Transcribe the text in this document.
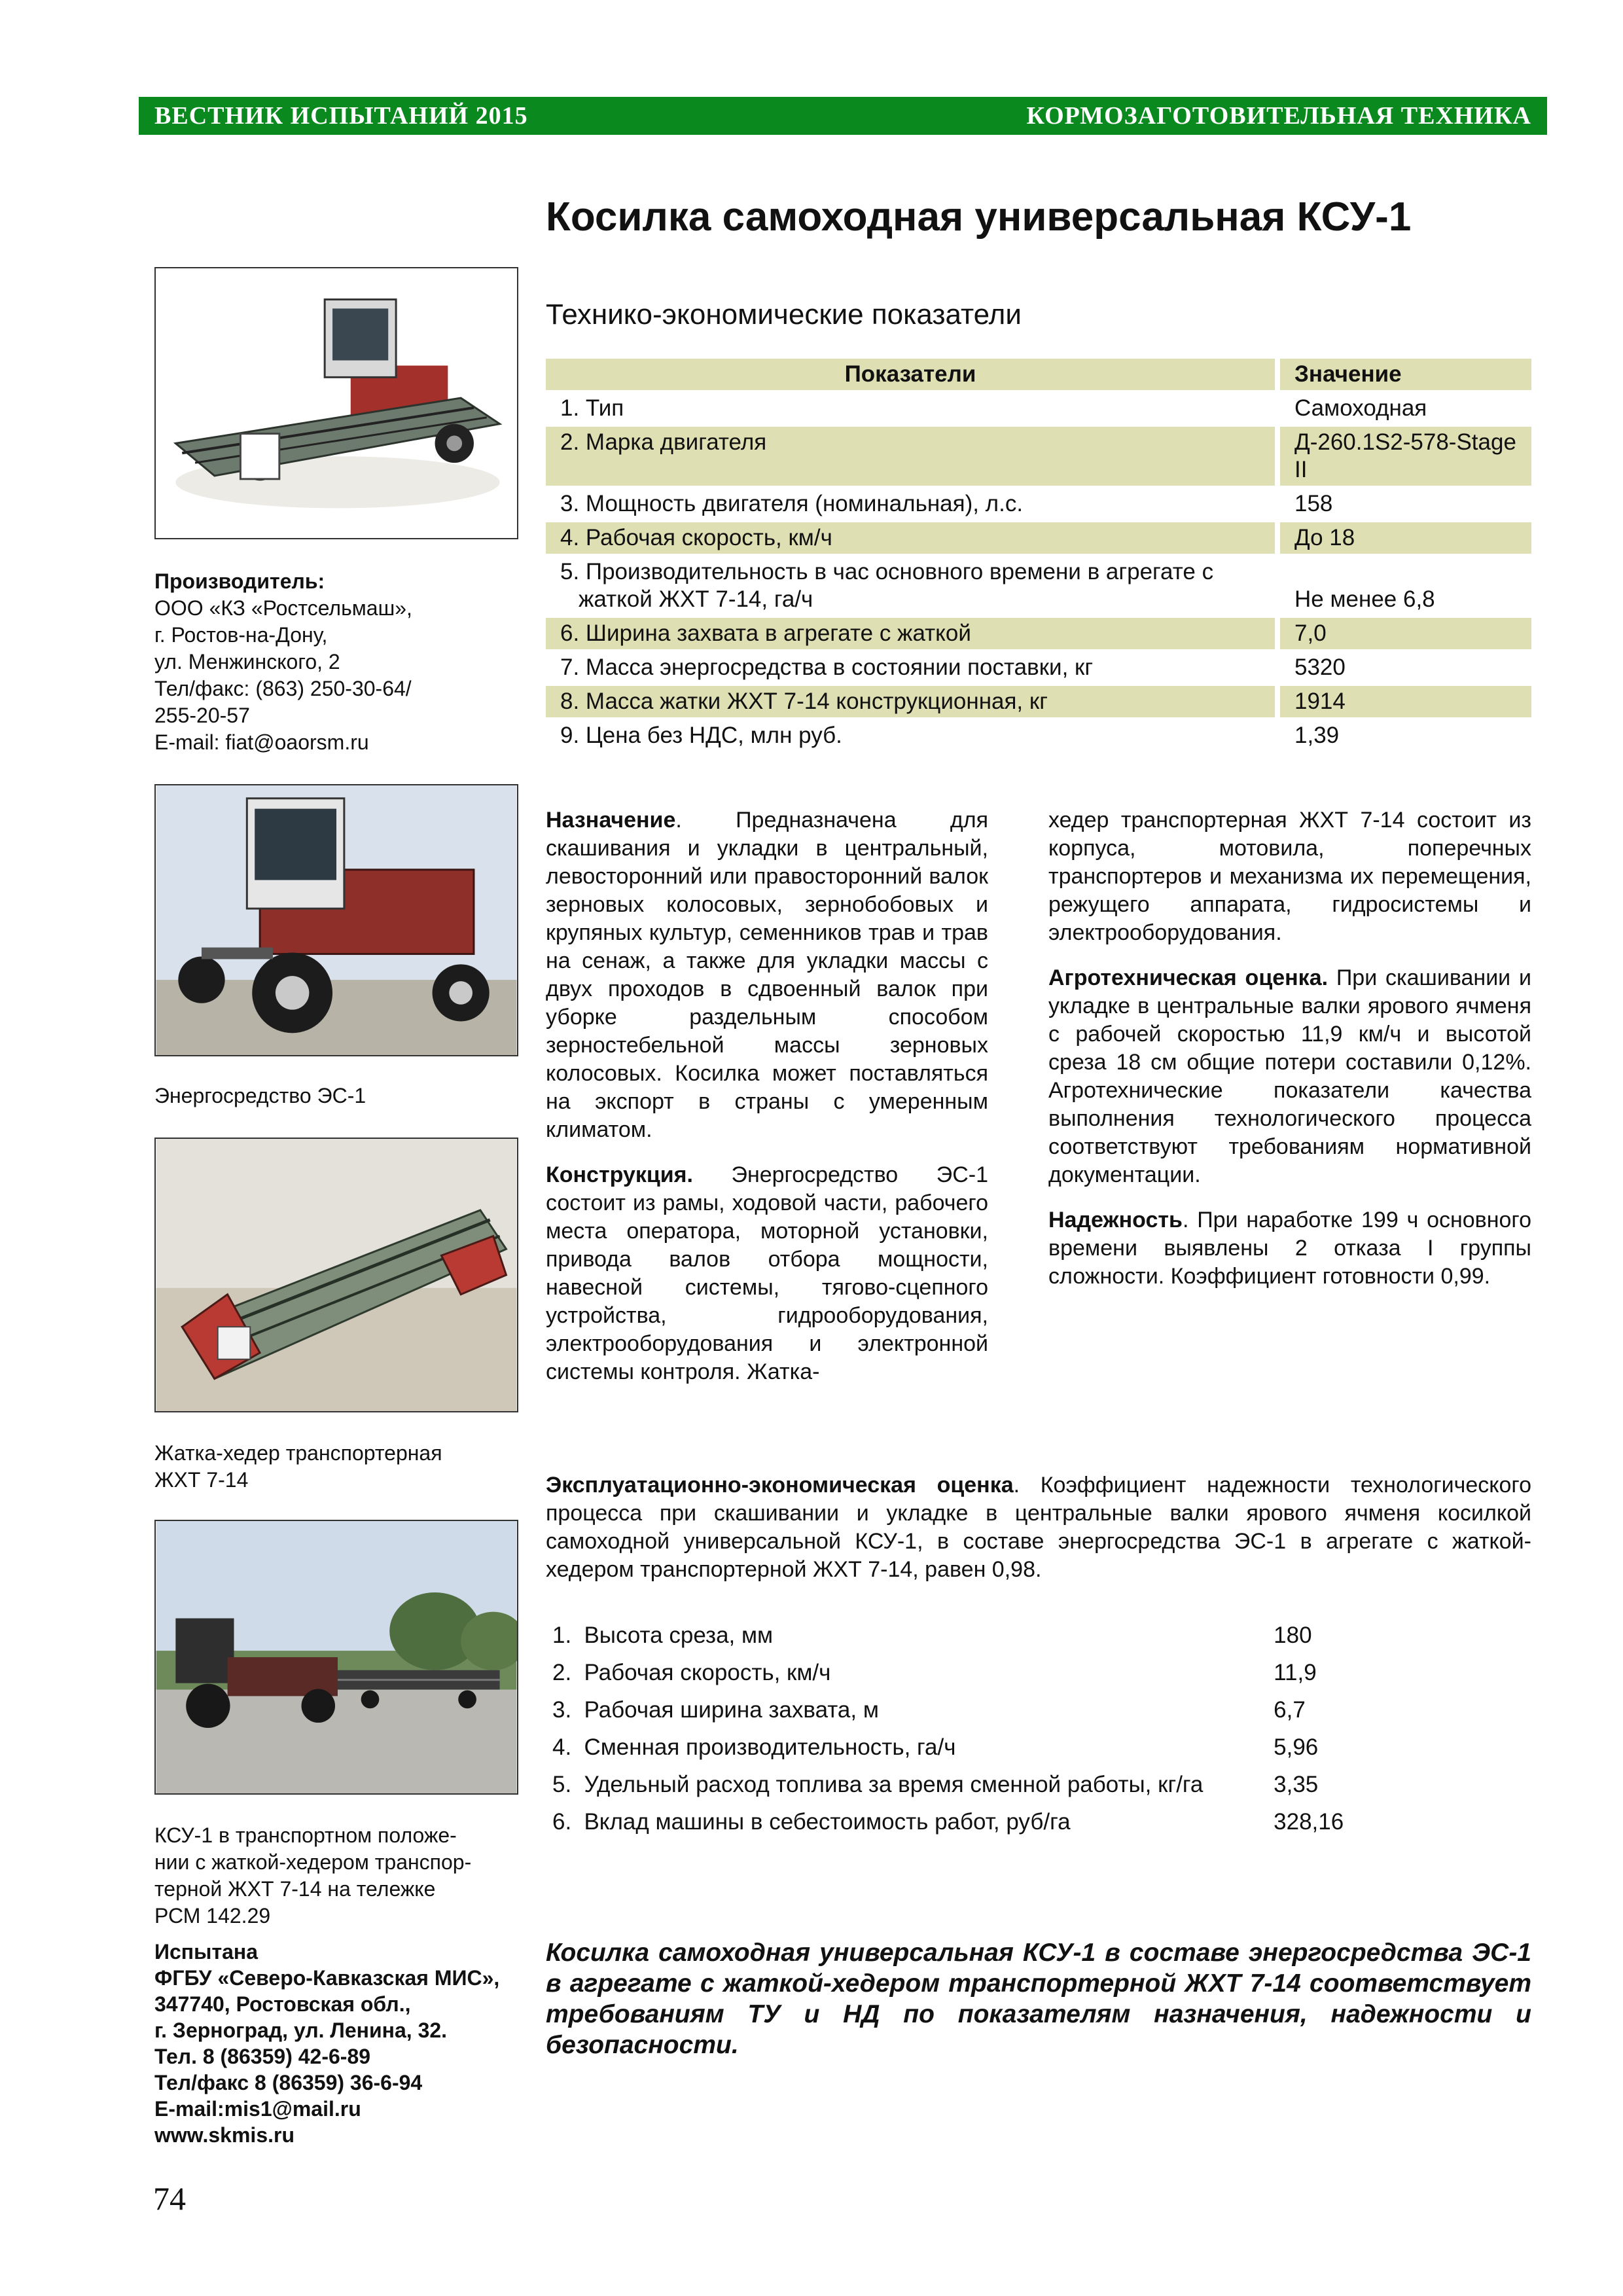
ВЕСТНИК ИСПЫТАНИЙ 2015	КОРМОЗАГОТОВИТЕЛЬНАЯ ТЕХНИКА
Косилка самоходная универсальная КСУ-1
Технико-экономические показатели
Производитель:
ООО «КЗ «Ростсельмаш»,
г. Ростов-на-Дону,
ул. Менжинского, 2
Тел/факс: (863) 250-30-64/
255-20-57
E-mail: fiat@oaorsm.ru
Энергосредство ЭС-1
Жатка-хедер транспортерная
ЖХТ 7-14
КСУ-1 в транспортном положе-
нии с жаткой-хедером транспор-
терной ЖХТ 7-14 на тележке
РСМ 142.29
Испытана
ФГБУ «Северо-Кавказская МИС»,
347740, Ростовская обл.,
г. Зерноград, ул. Ленина, 32.
Тел. 8 (86359) 42-6-89
Тел/факс 8 (86359) 36-6-94
E-mail:mis1@mail.ru
www.skmis.ru
Показатели		Значение
1. Тип		Самоходная
2. Марка двигателя		Д-260.1S2-578-Stage II
3. Мощность двигателя (номинальная), л.с.		158
4. Рабочая скорость, км/ч		До 18
5. Производительность в час основного времени в агрегате с жаткой ЖХТ 7-14, га/ч		Не менее 6,8
6. Ширина захвата в агрегате с жаткой		7,0
7. Масса энергосредства в состоянии поставки, кг		5320
8. Масса жатки ЖХТ 7-14 конструкционная, кг		1914
9. Цена без НДС, млн руб.		1,39

Назначение. Предназначена для скашивания и укладки в центральный, левосторонний или правосторонний валок зерновых колосовых, зернобобовых и крупяных культур, семенников трав и трав на сенаж, а также для укладки массы с двух проходов в сдвоенный валок при уборке раздельным способом зерностебельной массы зерновых колосовых. Косилка может поставляться на экспорт в страны с умеренным климатом.

Конструкция. Энергосредство ЭС-1 состоит из рамы, ходовой части, рабочего места оператора, моторной установки, привода валов отбора мощности, навесной системы, тягово-сцепного устройства, гидрооборудования, электрооборудования и электронной системы контроля. Жатка-

хедер транспортерная ЖХТ 7-14 состоит из корпуса, мотовила, поперечных транспортеров и механизма их перемещения, режущего аппарата, гидросистемы и электрооборудования.

Агротехническая оценка. При скашивании и укладке в центральные валки ярового ячменя с рабочей скоростью 11,9 км/ч и высотой среза 18 см общие потери составили 0,12%. Агротехнические показатели качества выполнения технологического процесса соответствуют требованиям нормативной документации.

Надежность. При наработке 199 ч основного времени выявлены 2 отказа I группы сложности. Коэффициент готовности 0,99.

Эксплуатационно-экономическая оценка. Коэффициент надежности технологического процесса при скашивании и укладке в центральные валки ярового ячменя косилкой самоходной универсальной КСУ-1, в составе энергосредства ЭС-1 в агрегате с жаткой-хедером транспортерной ЖХТ 7-14, равен 0,98.
1.	Высота среза, мм	180
2.	Рабочая скорость, км/ч	11,9
3.	Рабочая ширина захвата, м	6,7
4.	Сменная производительность, га/ч	5,96
5.	Удельный расход топлива за время сменной работы, кг/га	3,35
6.	Вклад машины в себестоимость работ, руб/га	328,16
Косилка самоходная универсальная КСУ-1 в составе энергосредства ЭС-1 в агрегате с жаткой-хедером транспортерной ЖХТ 7-14 соответствует требованиям ТУ и НД по показателям назначения, надежности и безопасности.
74
